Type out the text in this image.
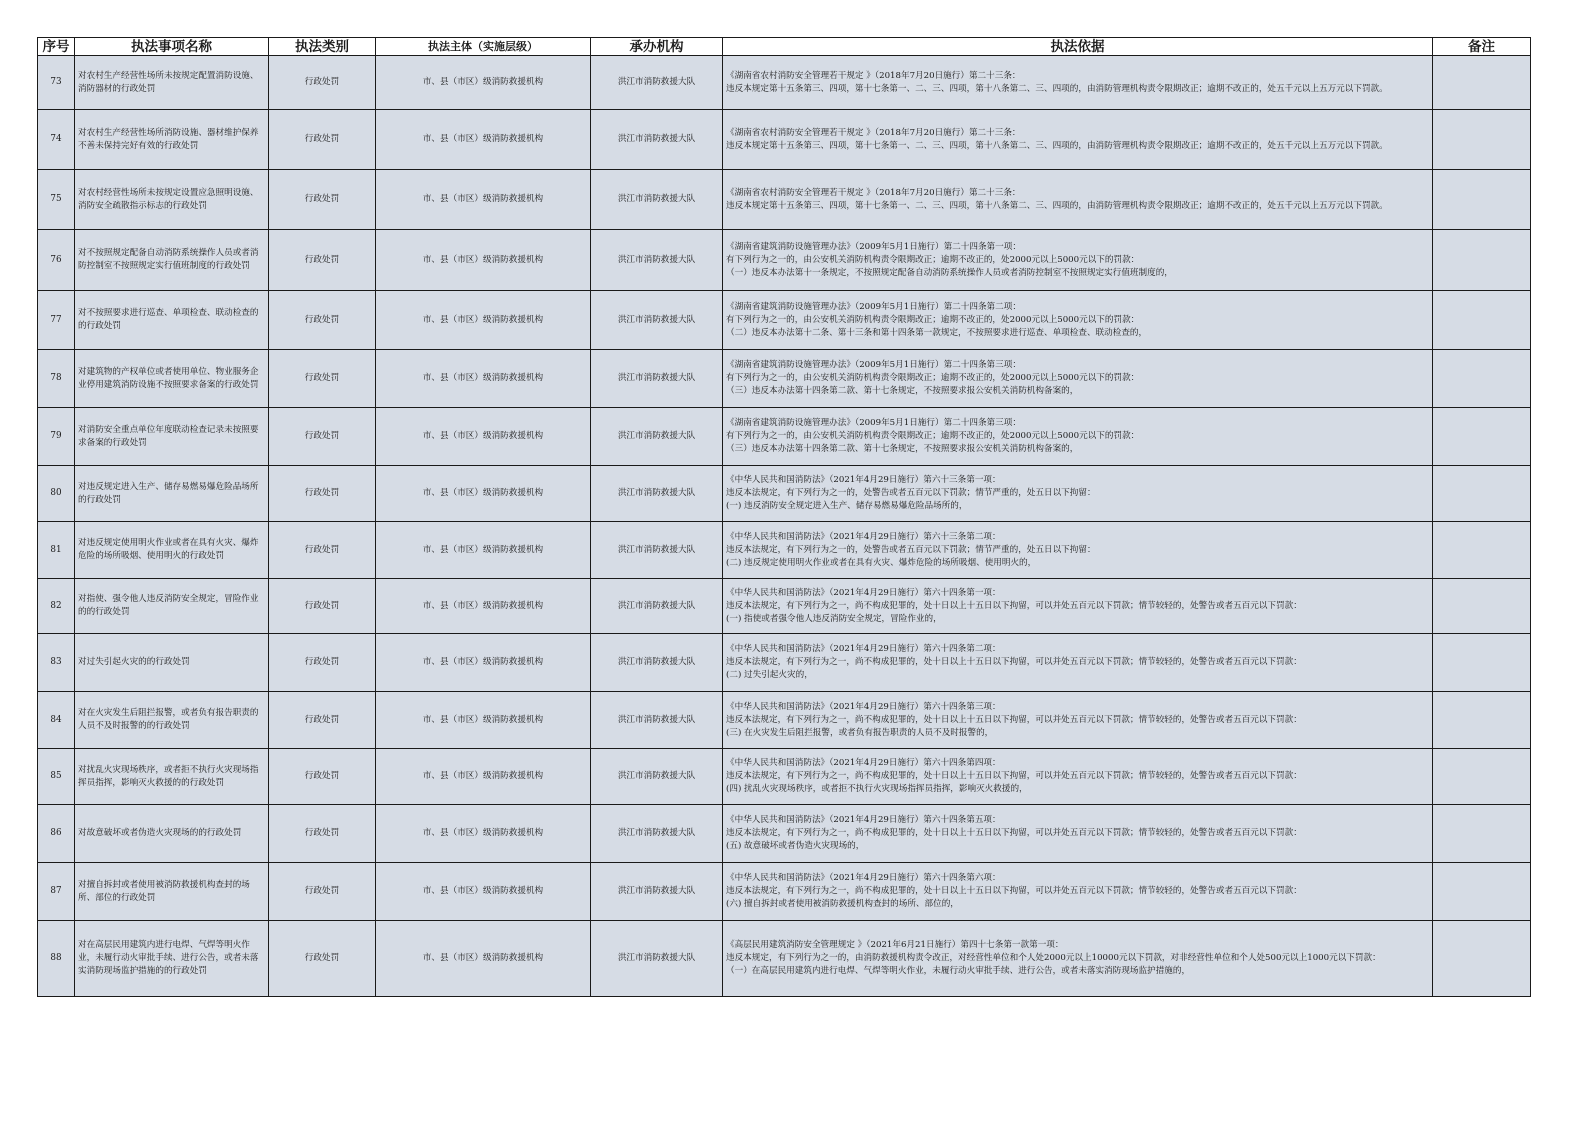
序号	执法事项名称	执法类别	执法主体（实施层级）	承办机构	执法依据	备注
73	对农村生产经营性场所未按规定配置消防设施、消防器材的行政处罚	行政处罚	市、县（市区）级消防救援机构	洪江市消防救援大队	《湖南省农村消防安全管理若干规定 》（2018年7月20日施行）第二十三条：
违反本规定第十五条第三、四项，第十七条第一、二、三、四项，第十八条第二、三、四项的，由消防管理机构责令限期改正；逾期不改正的，处五千元以上五万元以下罚款。	

74	对农村生产经营性场所消防设施、器材维护保养不善未保持完好有效的行政处罚	行政处罚	市、县（市区）级消防救援机构	洪江市消防救援大队	《湖南省农村消防安全管理若干规定 》（2018年7月20日施行）第二十三条：
违反本规定第十五条第三、四项，第十七条第一、二、三、四项，第十八条第二、三、四项的，由消防管理机构责令限期改正；逾期不改正的，处五千元以上五万元以下罚款。	

75	对农村经营性场所未按规定设置应急照明设施、消防安全疏散指示标志的行政处罚	行政处罚	市、县（市区）级消防救援机构	洪江市消防救援大队	《湖南省农村消防安全管理若干规定 》（2018年7月20日施行）第二十三条：
违反本规定第十五条第三、四项，第十七条第一、二、三、四项，第十八条第二、三、四项的，由消防管理机构责令限期改正；逾期不改正的，处五千元以上五万元以下罚款。	

76	对不按照规定配备自动消防系统操作人员或者消防控制室不按照规定实行值班制度的行政处罚	行政处罚	市、县（市区）级消防救援机构	洪江市消防救援大队	《湖南省建筑消防设施管理办法》（2009年5月1日施行）第二十四条第一项：
有下列行为之一的，由公安机关消防机构责令限期改正；逾期不改正的，处2000元以上5000元以下的罚款：
（一）违反本办法第十一条规定，不按照规定配备自动消防系统操作人员或者消防控制室不按照规定实行值班制度的，	

77	对不按照要求进行巡查、单项检查、联动检查的的行政处罚	行政处罚	市、县（市区）级消防救援机构	洪江市消防救援大队	《湖南省建筑消防设施管理办法》（2009年5月1日施行）第二十四条第二项：
有下列行为之一的，由公安机关消防机构责令限期改正；逾期不改正的，处2000元以上5000元以下的罚款：
（二）违反本办法第十二条、第十三条和第十四条第一款规定，不按照要求进行巡查、单项检查、联动检查的，	

78	对建筑物的产权单位或者使用单位、物业服务企业停用建筑消防设施不按照要求备案的行政处罚	行政处罚	市、县（市区）级消防救援机构	洪江市消防救援大队	《湖南省建筑消防设施管理办法》（2009年5月1日施行）第二十四条第三项：
有下列行为之一的，由公安机关消防机构责令限期改正；逾期不改正的，处2000元以上5000元以下的罚款：
（三）违反本办法第十四条第二款、第十七条规定，不按照要求报公安机关消防机构备案的，	

79	对消防安全重点单位年度联动检查记录未按照要求备案的行政处罚	行政处罚	市、县（市区）级消防救援机构	洪江市消防救援大队	《湖南省建筑消防设施管理办法》（2009年5月1日施行）第二十四条第三项：
有下列行为之一的，由公安机关消防机构责令限期改正；逾期不改正的，处2000元以上5000元以下的罚款：
（三）违反本办法第十四条第二款、第十七条规定，不按照要求报公安机关消防机构备案的，	

80	对违反规定进入生产、储存易燃易爆危险品场所的行政处罚	行政处罚	市、县（市区）级消防救援机构	洪江市消防救援大队	《中华人民共和国消防法》（2021年4月29日施行）第六十三条第一项：
违反本法规定，有下列行为之一的，处警告或者五百元以下罚款；情节严重的，处五日以下拘留：
(一) 违反消防安全规定进入生产、储存易燃易爆危险品场所的，	

81	对违反规定使用明火作业或者在具有火灾、爆炸危险的场所吸烟、使用明火的行政处罚	行政处罚	市、县（市区）级消防救援机构	洪江市消防救援大队	《中华人民共和国消防法》（2021年4月29日施行）第六十三条第二项：
违反本法规定，有下列行为之一的，处警告或者五百元以下罚款；情节严重的，处五日以下拘留：
(二) 违反规定使用明火作业或者在具有火灾、爆炸危险的场所吸烟、使用明火的，	

82	对指使、强令他人违反消防安全规定，冒险作业的的行政处罚	行政处罚	市、县（市区）级消防救援机构	洪江市消防救援大队	《中华人民共和国消防法》（2021年4月29日施行）第六十四条第一项：
违反本法规定，有下列行为之一，尚不构成犯罪的，处十日以上十五日以下拘留，可以并处五百元以下罚款；情节较轻的，处警告或者五百元以下罚款：
(一) 指使或者强令他人违反消防安全规定，冒险作业的，	

83	对过失引起火灾的的行政处罚	行政处罚	市、县（市区）级消防救援机构	洪江市消防救援大队	《中华人民共和国消防法》（2021年4月29日施行）第六十四条第二项：
违反本法规定，有下列行为之一，尚不构成犯罪的，处十日以上十五日以下拘留，可以并处五百元以下罚款；情节较轻的，处警告或者五百元以下罚款：
(二) 过失引起火灾的，	

84	对在火灾发生后阻拦报警，或者负有报告职责的人员不及时报警的的行政处罚	行政处罚	市、县（市区）级消防救援机构	洪江市消防救援大队	《中华人民共和国消防法》（2021年4月29日施行）第六十四条第三项：
违反本法规定，有下列行为之一，尚不构成犯罪的，处十日以上十五日以下拘留，可以并处五百元以下罚款；情节较轻的，处警告或者五百元以下罚款：
(三) 在火灾发生后阻拦报警，或者负有报告职责的人员不及时报警的，	

85	对扰乱火灾现场秩序，或者拒不执行火灾现场指挥员指挥，影响灭火救援的的行政处罚	行政处罚	市、县（市区）级消防救援机构	洪江市消防救援大队	《中华人民共和国消防法》（2021年4月29日施行）第六十四条第四项：
违反本法规定，有下列行为之一，尚不构成犯罪的，处十日以上十五日以下拘留，可以并处五百元以下罚款；情节较轻的，处警告或者五百元以下罚款：
(四) 扰乱火灾现场秩序，或者拒不执行火灾现场指挥员指挥，影响灭火救援的，	

86	对故意破坏或者伪造火灾现场的的行政处罚	行政处罚	市、县（市区）级消防救援机构	洪江市消防救援大队	《中华人民共和国消防法》（2021年4月29日施行）第六十四条第五项：
违反本法规定，有下列行为之一，尚不构成犯罪的，处十日以上十五日以下拘留，可以并处五百元以下罚款；情节较轻的，处警告或者五百元以下罚款：
(五) 故意破坏或者伪造火灾现场的，	

87	对擅自拆封或者使用被消防救援机构查封的场所、部位的行政处罚	行政处罚	市、县（市区）级消防救援机构	洪江市消防救援大队	《中华人民共和国消防法》（2021年4月29日施行）第六十四条第六项：
违反本法规定，有下列行为之一，尚不构成犯罪的，处十日以上十五日以下拘留，可以并处五百元以下罚款；情节较轻的，处警告或者五百元以下罚款：
(六) 擅自拆封或者使用被消防救援机构查封的场所、部位的，	

88	对在高层民用建筑内进行电焊、气焊等明火作业，未履行动火审批手续、进行公告，或者未落实消防现场监护措施的的行政处罚	行政处罚	市、县（市区）级消防救援机构	洪江市消防救援大队	《高层民用建筑消防安全管理规定 》（2021年6月21日施行）第四十七条第一款第一项：
违反本规定，有下列行为之一的，由消防救援机构责令改正，对经营性单位和个人处2000元以上10000元以下罚款，对非经营性单位和个人处500元以上1000元以下罚款：
（一）在高层民用建筑内进行电焊、气焊等明火作业，未履行动火审批手续、进行公告，或者未落实消防现场监护措施的，	
